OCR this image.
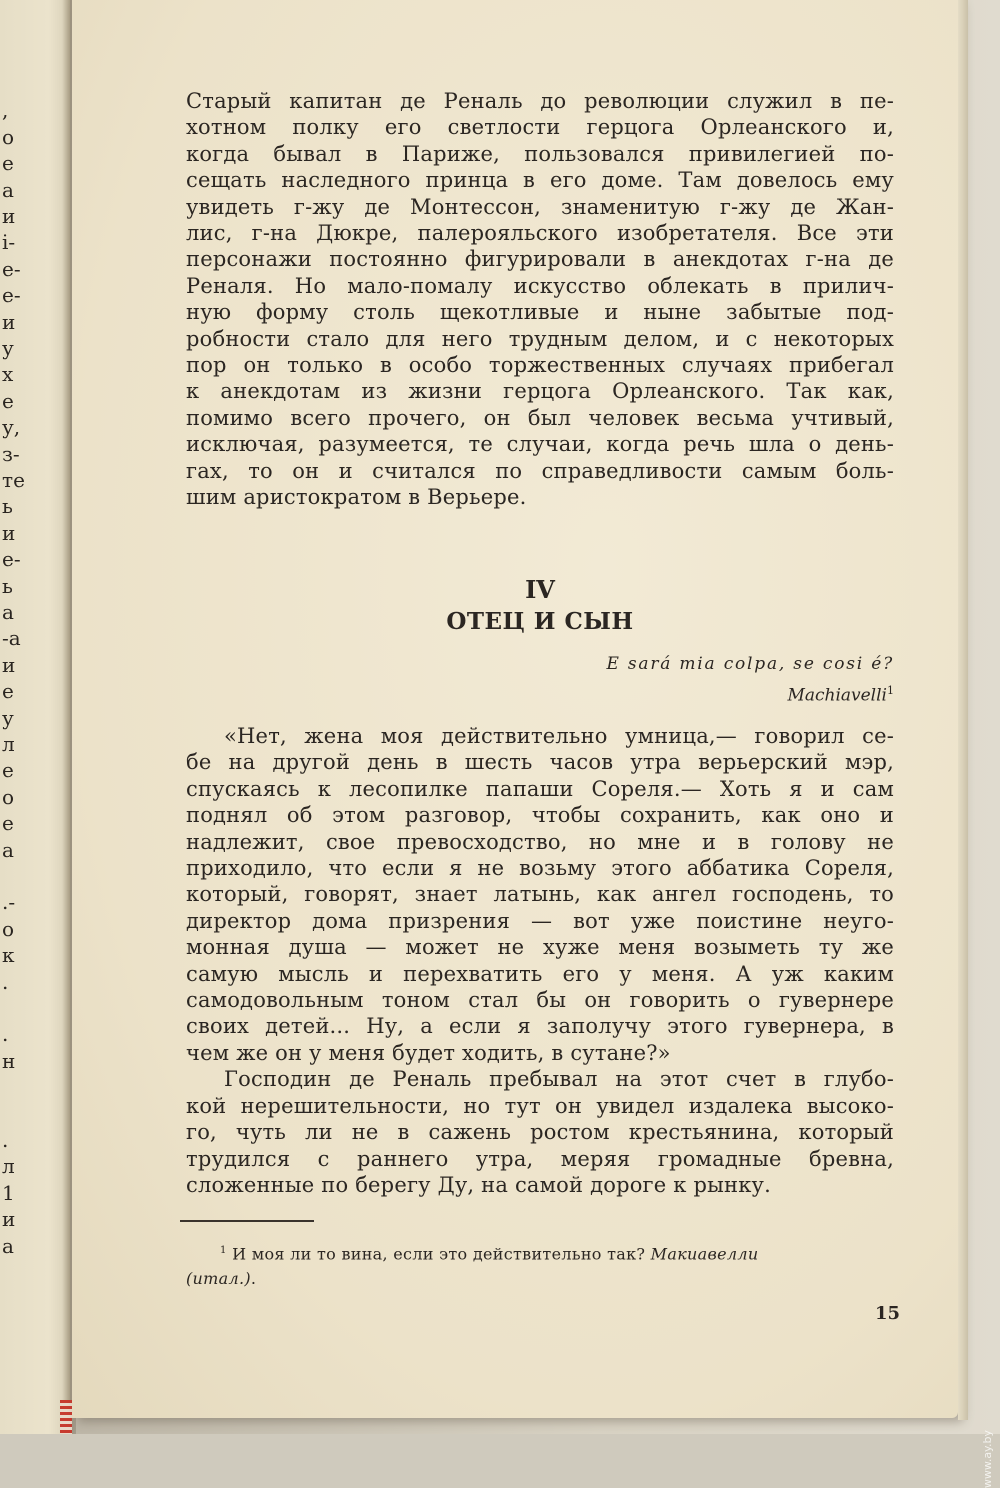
,
о
е
а
и
i-
е-
е-
и
у
х
е
у,
з-
те
ь
и
е-
ь
а
-а
и
е
у
л
е
о
е
а
.-
о
к
.
.
н
.
л
1
и
а
Старый капитан де Реналь до революции служил в пе-
хотном полку его светлости герцога Орлеанского и,
когда бывал в Париже, пользовался привилегией по-
сещать наследного принца в его доме. Там довелось ему
увидеть г-жу де Монтессон, знаменитую г-жу де Жан-
лис, г-на Дюкре, палерояльского изобретателя. Все эти
персонажи постоянно фигурировали в анекдотах г-на де
Реналя. Но мало-помалу искусство облекать в прилич-
ную форму столь щекотливые и ныне забытые под-
робности стало для него трудным делом, и с некоторых
пор он только в особо торжественных случаях прибегал
к анекдотам из жизни герцога Орлеанского. Так как,
помимо всего прочего, он был человек весьма учтивый,
исключая, разумеется, те случаи, когда речь шла о день-
гах, то он и считался по справедливости самым боль-
шим аристократом в Верьере.
IV
ОТЕЦ И СЫН
E sará mia colpa, se cosi é?
Machiavelli$^1$
«Нет, жена моя действительно умница,— говорил се-
бе на другой день в шесть часов утра верьерский мэр,
спускаясь к лесопилке папаши Сореля.— Хоть я и сам
поднял об этом разговор, чтобы сохранить, как оно и
надлежит, свое превосходство, но мне и в голову не
приходило, что если я не возьму этого аббатика Сореля,
который, говорят, знает латынь, как ангел господень, то
директор дома призрения — вот уже поистине неуго-
монная душа — может не хуже меня возыметь ту же
самую мысль и перехватить его у меня. А уж каким
самодовольным тоном стал бы он говорить о гувернере
своих детей... Ну, а если я заполучу этого гувернера, в
чем же он у меня будет ходить, в сутане?»
Господин де Реналь пребывал на этот счет в глубо-
кой нерешительности, но тут он увидел издалека высоко-
го, чуть ли не в сажень ростом крестьянина, который
трудился с раннего утра, меряя громадные бревна,
сложенные по берегу Ду, на самой дороге к рынку.
$^1$ И моя ли то вина, если это действительно так? Макиавелли
(итал.).
15
www.ay.by
